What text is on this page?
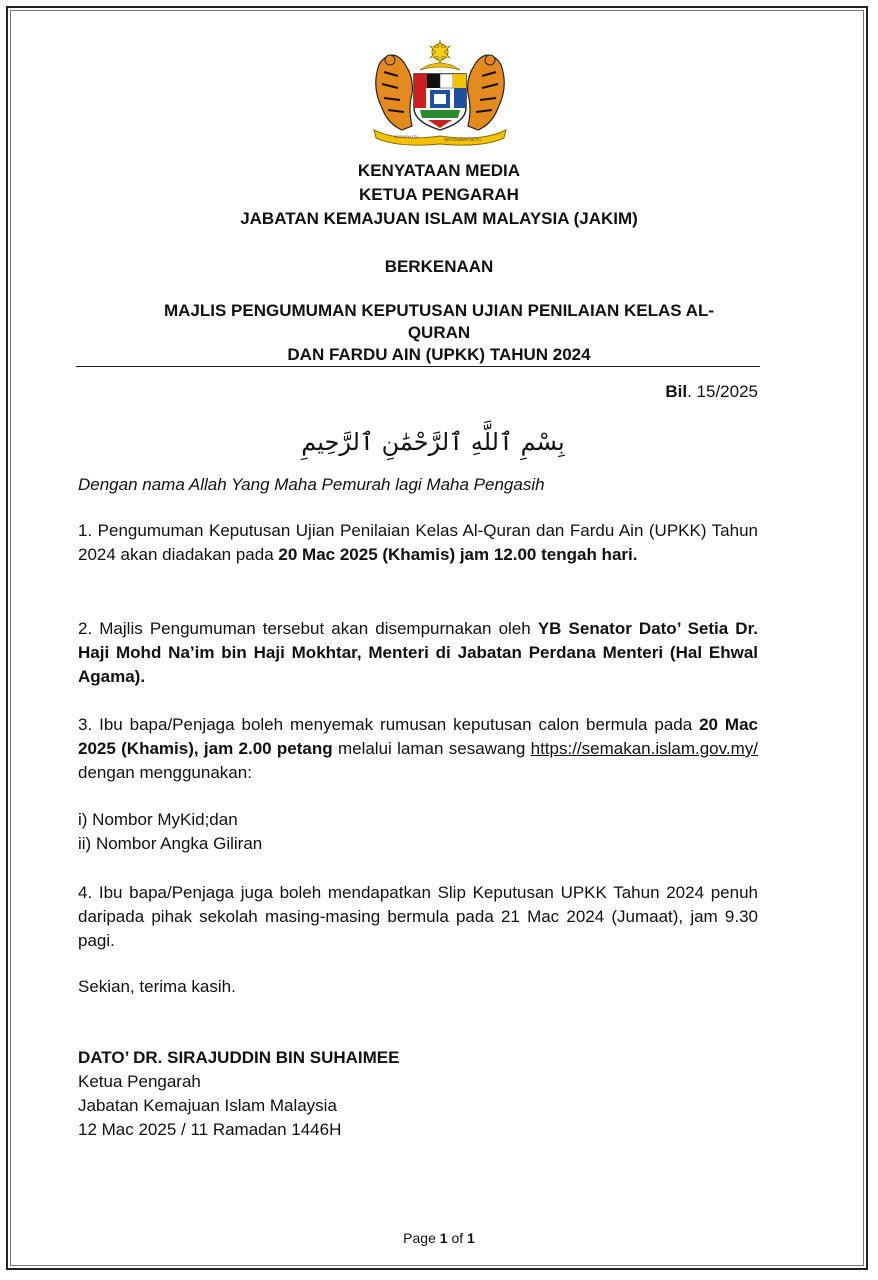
BERSEKUTU
BERTAMBAH MUTU
KENYATAAN MEDIA
KETUA PENGARAH
JABATAN KEMAJUAN ISLAM MALAYSIA (JAKIM)
BERKENAAN
MAJLIS PENGUMUMAN KEPUTUSAN UJIAN PENILAIAN KELAS AL-
QURAN
DAN FARDU AIN (UPKK) TAHUN 2024
Bil. 15/2025
بِسْمِ ٱللَّهِ ٱلرَّحْمَٰنِ ٱلرَّحِيمِ
Dengan nama Allah Yang Maha Pemurah lagi Maha Pengasih
1. Pengumuman Keputusan Ujian Penilaian Kelas Al-Quran dan Fardu Ain (UPKK) Tahun 2024 akan diadakan pada 20 Mac 2025 (Khamis) jam 12.00 tengah hari.
2. Majlis Pengumuman tersebut akan disempurnakan oleh YB Senator Dato’ Setia Dr. Haji Mohd Na’im bin Haji Mokhtar, Menteri di Jabatan Perdana Menteri (Hal Ehwal Agama).
3. Ibu bapa/Penjaga boleh menyemak rumusan keputusan calon bermula pada 20 Mac 2025 (Khamis), jam 2.00 petang melalui laman sesawang https://semakan.islam.gov.my/ dengan menggunakan:
i) Nombor MyKid;dan
ii) Nombor Angka Giliran
4. Ibu bapa/Penjaga juga boleh mendapatkan Slip Keputusan UPKK Tahun 2024 penuh daripada pihak sekolah masing-masing bermula pada 21 Mac 2024 (Jumaat), jam 9.30 pagi.
Sekian, terima kasih.
DATO’ DR. SIRAJUDDIN BIN SUHAIMEE
Ketua Pengarah
Jabatan Kemajuan Islam Malaysia
12 Mac 2025 / 11 Ramadan 1446H
Page 1 of 1
